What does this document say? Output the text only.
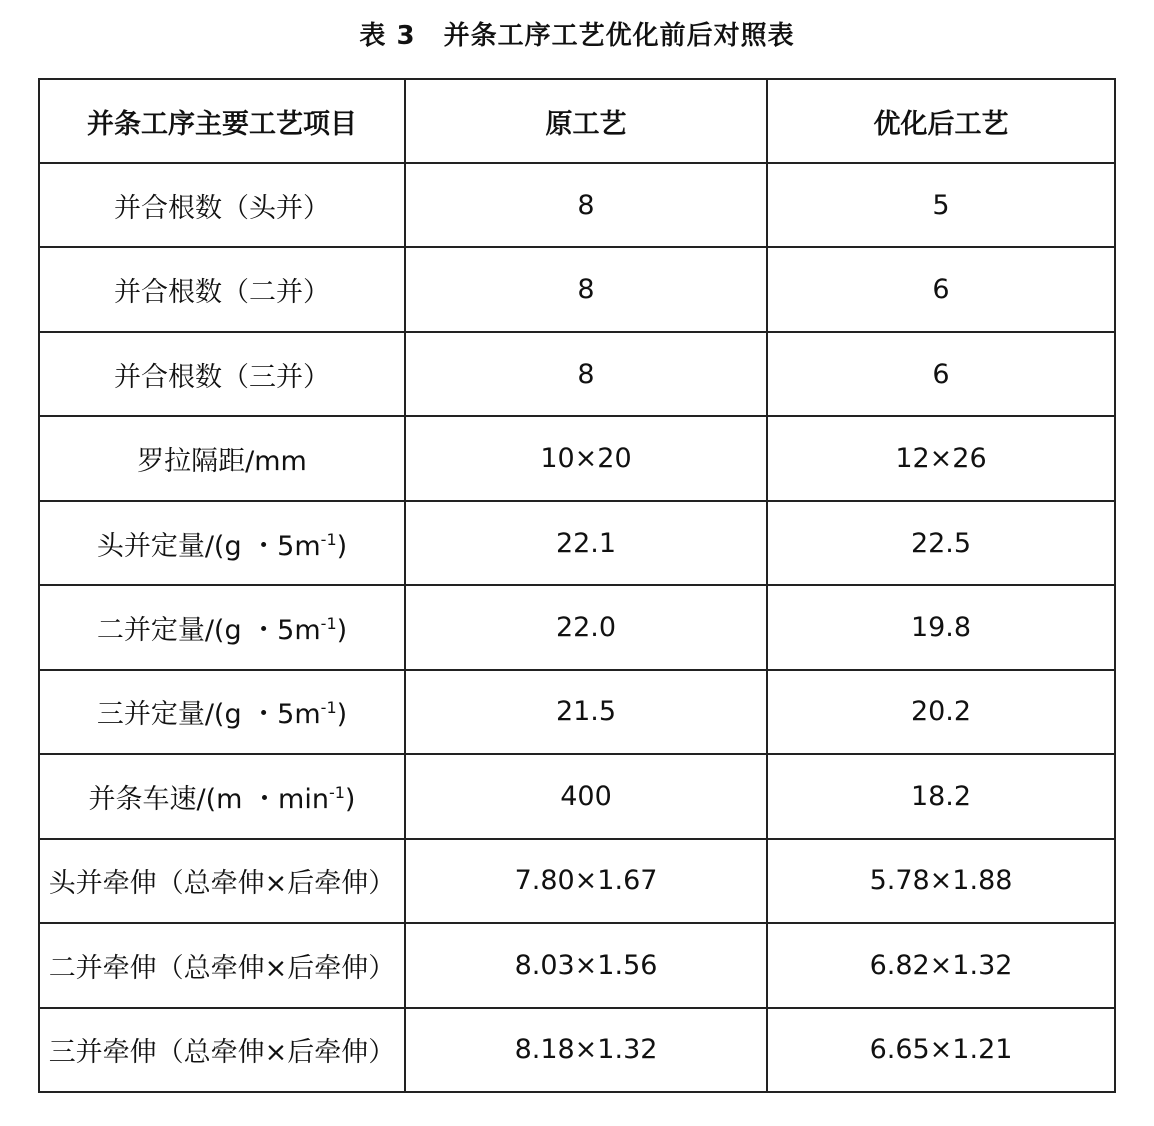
表 3 并条工序工艺优化前后对照表
并条工序主要工艺项目	原工艺	优化后工艺
并合根数（头并）	8	5
并合根数（二并）	8	6
并合根数（三并）	8	6
罗拉隔距/mm	10×20	12×26
头并定量/(g ・$5m^{-1}$)	22.1	22.5
二并定量/(g ・$5m^{-1}$)	22.0	19.8
三并定量/(g ・$5m^{-1}$)	21.5	20.2
并条车速/(m ・$\min^{-1}$)	400	18.2
头并牵伸（总牵伸×后牵伸）	7.80×1.67	5.78×1.88
二并牵伸（总牵伸×后牵伸）	8.03×1.56	6.82×1.32
三并牵伸（总牵伸×后牵伸）	8.18×1.32	6.65×1.21
